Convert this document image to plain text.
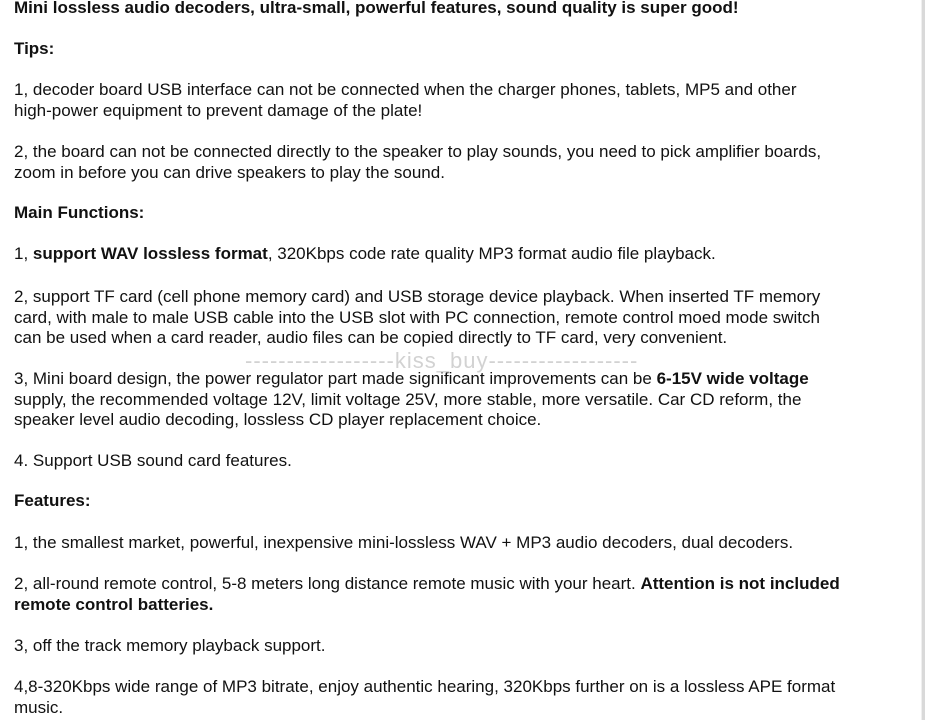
Mini lossless audio decoders, ultra-small, powerful features, sound quality is super good!
Tips:
1, decoder board USB interface can not be connected when the charger phones, tablets, MP5 and other
high-power equipment to prevent damage of the plate!
2, the board can not be connected directly to the speaker to play sounds, you need to pick amplifier boards,
zoom in before you can drive speakers to play the sound.
Main Functions:
1, support WAV lossless format, 320Kbps code rate quality MP3 format audio file playback.
2, support TF card (cell phone memory card) and USB storage device playback. When inserted TF memory
card, with male to male USB cable into the USB slot with PC connection, remote control moed mode switch
can be used when a card reader, audio files can be copied directly to TF card, very convenient.
3, Mini board design, the power regulator part made significant improvements can be 6-15V wide voltage
supply, the recommended voltage 12V, limit voltage 25V, more stable, more versatile. Car CD reform, the
speaker level audio decoding, lossless CD player replacement choice.
4. Support USB sound card features.
Features:
1, the smallest market, powerful, inexpensive mini-lossless WAV + MP3 audio decoders, dual decoders.
2, all-round remote control, 5-8 meters long distance remote music with your heart. Attention is not included
remote control batteries.
3, off the track memory playback support.
4,8-320Kbps wide range of MP3 bitrate, enjoy authentic hearing, 320Kbps further on is a lossless APE format
music.
------------------kiss_buy------------------
